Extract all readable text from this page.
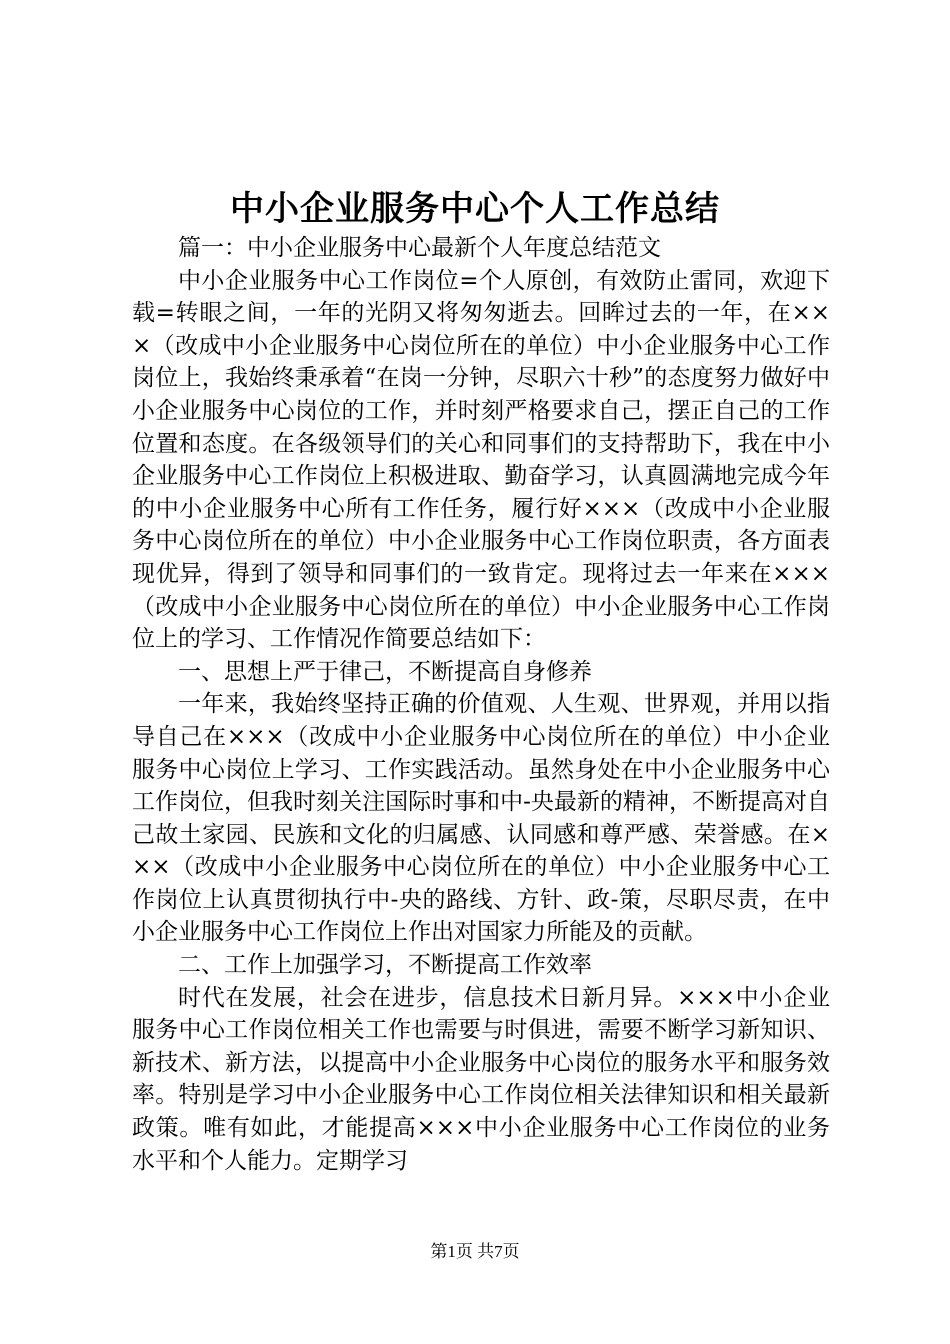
中小企业服务中心个人工作总结

篇一：中小企业服务中心最新个人年度总结范文

中小企业服务中心工作岗位=个人原创，有效防止雷同，欢迎下载=转眼之间，一年的光阴又将匆匆逝去。回眸过去的一年，在×××（改成中小企业服务中心岗位所在的单位）中小企业服务中心工作岗位上，我始终秉承着“在岗一分钟，尽职六十秒”的态度努力做好中小企业服务中心岗位的工作，并时刻严格要求自己，摆正自己的工作位置和态度。在各级领导们的关心和同事们的支持帮助下，我在中小企业服务中心工作岗位上积极进取、勤奋学习，认真圆满地完成今年的中小企业服务中心所有工作任务，履行好×××（改成中小企业服务中心岗位所在的单位）中小企业服务中心工作岗位职责，各方面表现优异，得到了领导和同事们的一致肯定。现将过去一年来在×××（改成中小企业服务中心岗位所在的单位）中小企业服务中心工作岗位上的学习、工作情况作简要总结如下：

一、思想上严于律己，不断提高自身修养

一年来，我始终坚持正确的价值观、人生观、世界观，并用以指导自己在×××（改成中小企业服务中心岗位所在的单位）中小企业服务中心岗位上学习、工作实践活动。虽然身处在中小企业服务中心工作岗位，但我时刻关注国际时事和中-央最新的精神，不断提高对自己故土家园、民族和文化的归属感、认同感和尊严感、荣誉感。在×××（改成中小企业服务中心岗位所在的单位）中小企业服务中心工作岗位上认真贯彻执行中-央的路线、方针、政-策，尽职尽责，在中小企业服务中心工作岗位上作出对国家力所能及的贡献。

二、工作上加强学习，不断提高工作效率

时代在发展，社会在进步，信息技术日新月异。×××中小企业服务中心工作岗位相关工作也需要与时俱进，需要不断学习新知识、新技术、新方法，以提高中小企业服务中心岗位的服务水平和服务效率。特别是学习中小企业服务中心工作岗位相关法律知识和相关最新政策。唯有如此，才能提高×××中小企业服务中心工作岗位的业务水平和个人能力。定期学习

第1页 共7页
